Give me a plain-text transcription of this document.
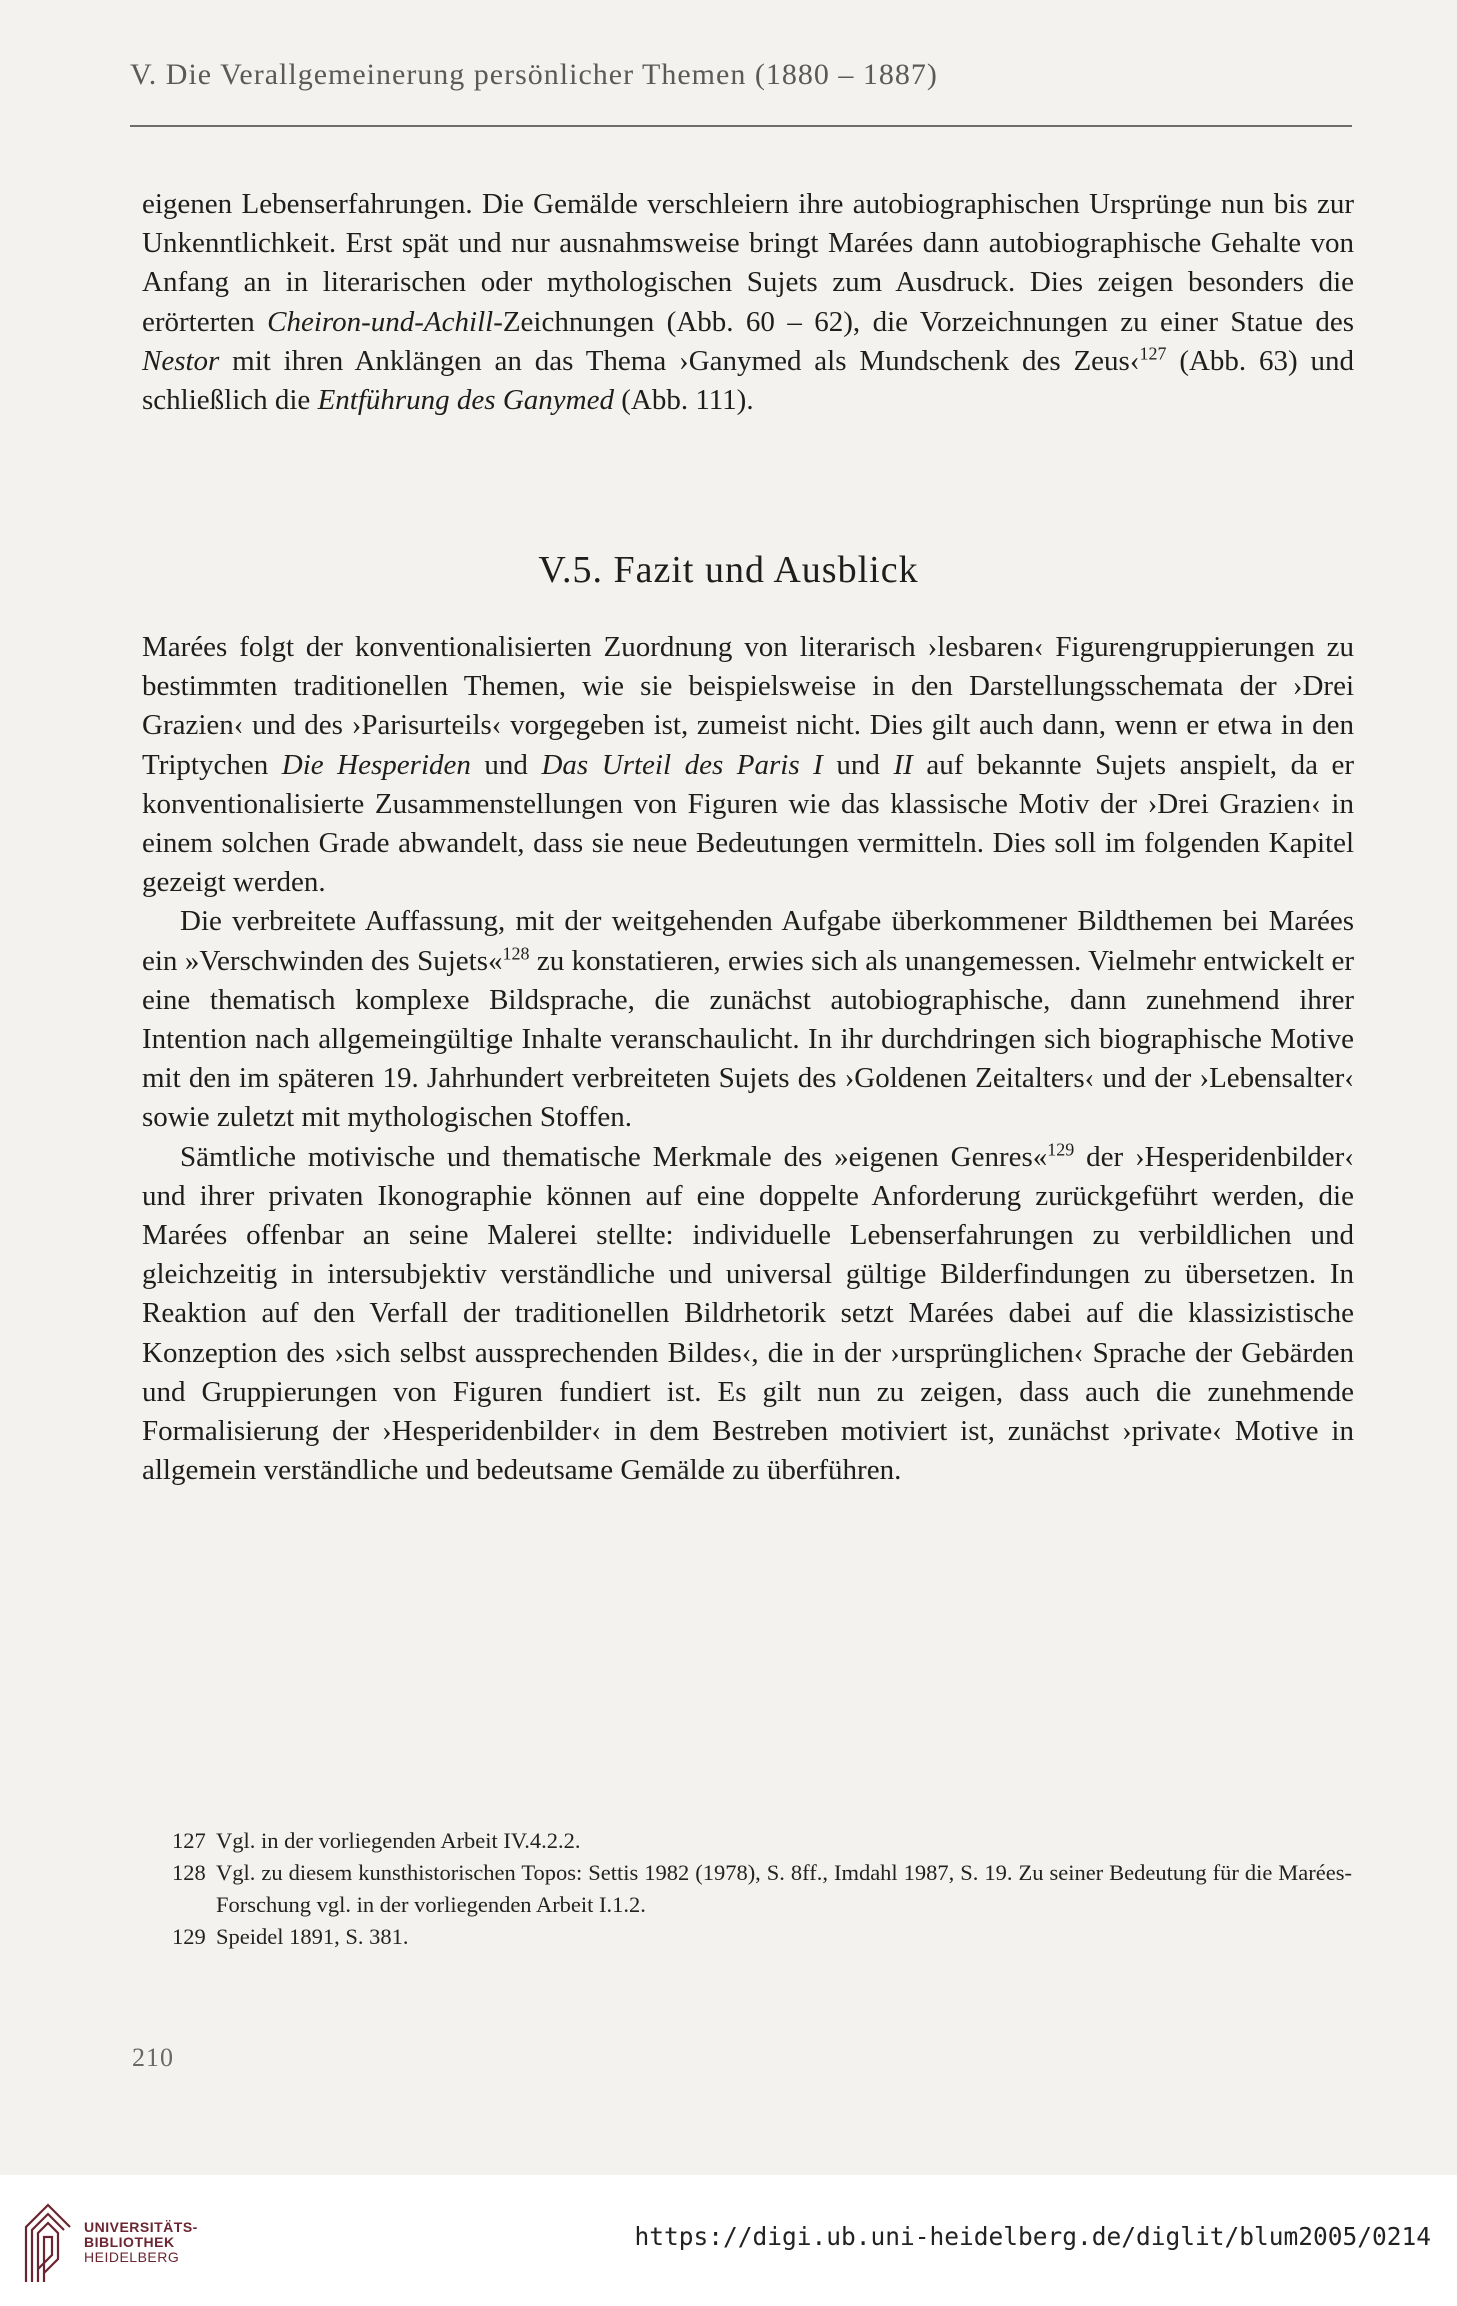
V. Die Verallgemeinerung persönlicher Themen (1880 – 1887)

eigenen Lebenserfahrungen. Die Gemälde verschleiern ihre autobiographischen Ursprünge nun bis zur Unkenntlichkeit. Erst spät und nur ausnahmsweise bringt Marées dann autobiographische Gehalte von Anfang an in literarischen oder mythologischen Sujets zum Ausdruck. Dies zeigen besonders die erörterten Cheiron-und-Achill-Zeichnungen (Abb. 60 – 62), die Vorzeichnungen zu einer Statue des Nestor mit ihren Anklängen an das Thema ›Ganymed als Mundschenk des Zeus‹$^{127}$ (Abb. 63) und schließlich die Entführung des Ganymed (Abb. 111).

V.5. Fazit und Ausblick

Marées folgt der konventionalisierten Zuordnung von literarisch ›lesbaren‹ Figurengruppierungen zu bestimmten traditionellen Themen, wie sie beispielsweise in den Darstellungsschemata der ›Drei Grazien‹ und des ›Parisurteils‹ vorgegeben ist, zumeist nicht. Dies gilt auch dann, wenn er etwa in den Triptychen Die Hesperiden und Das Urteil des Paris I und II auf bekannte Sujets anspielt, da er konventionalisierte Zusammenstellungen von Figuren wie das klassische Motiv der ›Drei Grazien‹ in einem solchen Grade abwandelt, dass sie neue Bedeutungen vermitteln. Dies soll im folgenden Kapitel gezeigt werden.

Die verbreitete Auffassung, mit der weitgehenden Aufgabe überkommener Bildthemen bei Marées ein »Verschwinden des Sujets«$^{128}$ zu konstatieren, erwies sich als unangemessen. Vielmehr entwickelt er eine thematisch komplexe Bildsprache, die zunächst autobiographische, dann zunehmend ihrer Intention nach allgemeingültige Inhalte veranschaulicht. In ihr durchdringen sich biographische Motive mit den im späteren 19. Jahrhundert verbreiteten Sujets des ›Goldenen Zeitalters‹ und der ›Lebensalter‹ sowie zuletzt mit mythologischen Stoffen.

Sämtliche motivische und thematische Merkmale des »eigenen Genres«$^{129}$ der ›Hesperidenbilder‹ und ihrer privaten Ikonographie können auf eine doppelte Anforderung zurückgeführt werden, die Marées offenbar an seine Malerei stellte: individuelle Lebenserfahrungen zu verbildlichen und gleichzeitig in intersubjektiv verständliche und universal gültige Bilderfindungen zu übersetzen. In Reaktion auf den Verfall der traditionellen Bildrhetorik setzt Marées dabei auf die klassizistische Konzeption des ›sich selbst aussprechenden Bildes‹, die in der ›ursprünglichen‹ Sprache der Gebärden und Gruppierungen von Figuren fundiert ist. Es gilt nun zu zeigen, dass auch die zunehmende Formalisierung der ›Hesperidenbilder‹ in dem Bestreben motiviert ist, zunächst ›private‹ Motive in allgemein verständliche und bedeutsame Gemälde zu überführen.

127 Vgl. in der vorliegenden Arbeit IV.4.2.2.
128 Vgl. zu diesem kunsthistorischen Topos: Settis 1982 (1978), S. 8ff., Imdahl 1987, S. 19. Zu seiner Bedeutung für die Marées-Forschung vgl. in der vorliegenden Arbeit I.1.2.
129 Speidel 1891, S. 381.
210
UNIVERSITÄTS-
BIBLIOTHEK
HEIDELBERG
https://digi.ub.uni-heidelberg.de/diglit/blum2005/0214
